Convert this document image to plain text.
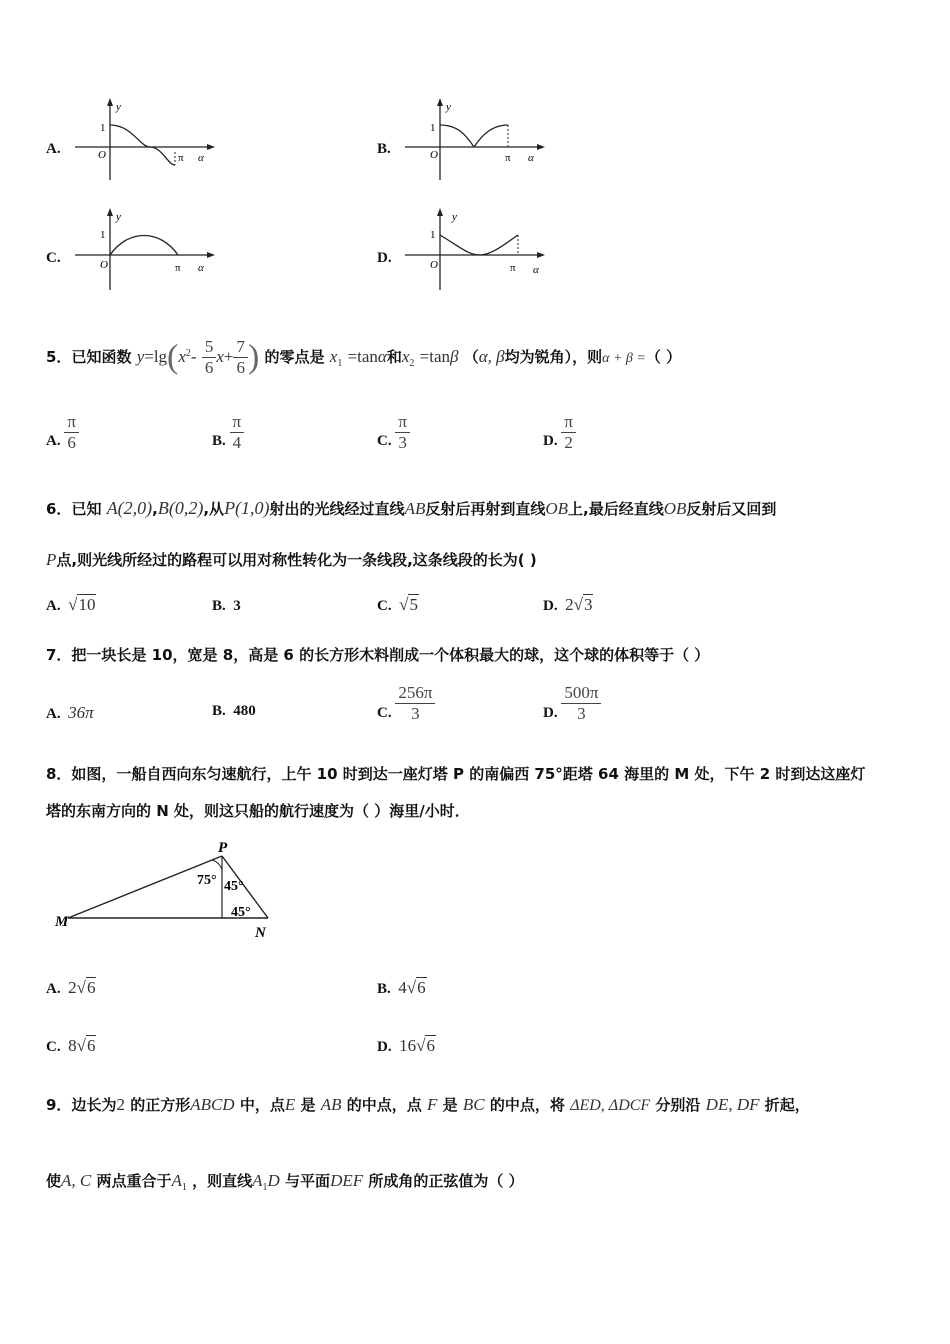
A.
y
1
O	π α
B.
y
1
O	π α
C.
y
1
O	π α
D.
y
1
O	π α
5．已知函数 $y=\lg(x^2- \frac{5}{6} x+ \frac{7}{6}$ ) 的零点是 $x_1 =\tan\alpha$和$x_2 =\tan\beta$ （α, β均为锐角），则α + β =（ ）
A. $\frac{\pi}{6}$	B. $\frac{\pi}{4}$	C. $\frac{\pi}{3}$	D. $\frac{\pi}{2}$
6．已知 A(2,0),B(0,2),从P(1,0)射出的光线经过直线AB反射后再射到直线OB上,最后经直线OB反射后又回到
P点,则光线所经过的路程可以用对称性转化为一条线段,这条线段的长为( )
A. √10	B. 3	C. √5	D. 2√3
7．把一块长是 10，宽是 8，高是 6 的长方形木料削成一个体积最大的球，这个球的体积等于（ ）
A. 36π	B. 480	C. $\frac{256\pi}{3}$	D. $\frac{500\pi}{3}$
8．如图，一船自西向东匀速航行，上午 10 时到达一座灯塔 P 的南偏西 75°距塔 64 海里的 M 处，下午 2 时到达这座灯
塔的东南方向的 N 处，则这只船的航行速度为（ ）海里/小时．
M
P
N
75° 45°
45°
A. 2√6	B. 4√6
C. 8√6	D. 16√6
9．边长为2 的正方形ABCD 中，点E 是 AB 的中点，点 F 是 BC 的中点，将 ΔED, ΔDCF 分别沿 DE, DF 折起，
使A, C 两点重合于$A_1$ ，则直线$A_1D$ 与平面DEF 所成角的正弦值为（ ）
